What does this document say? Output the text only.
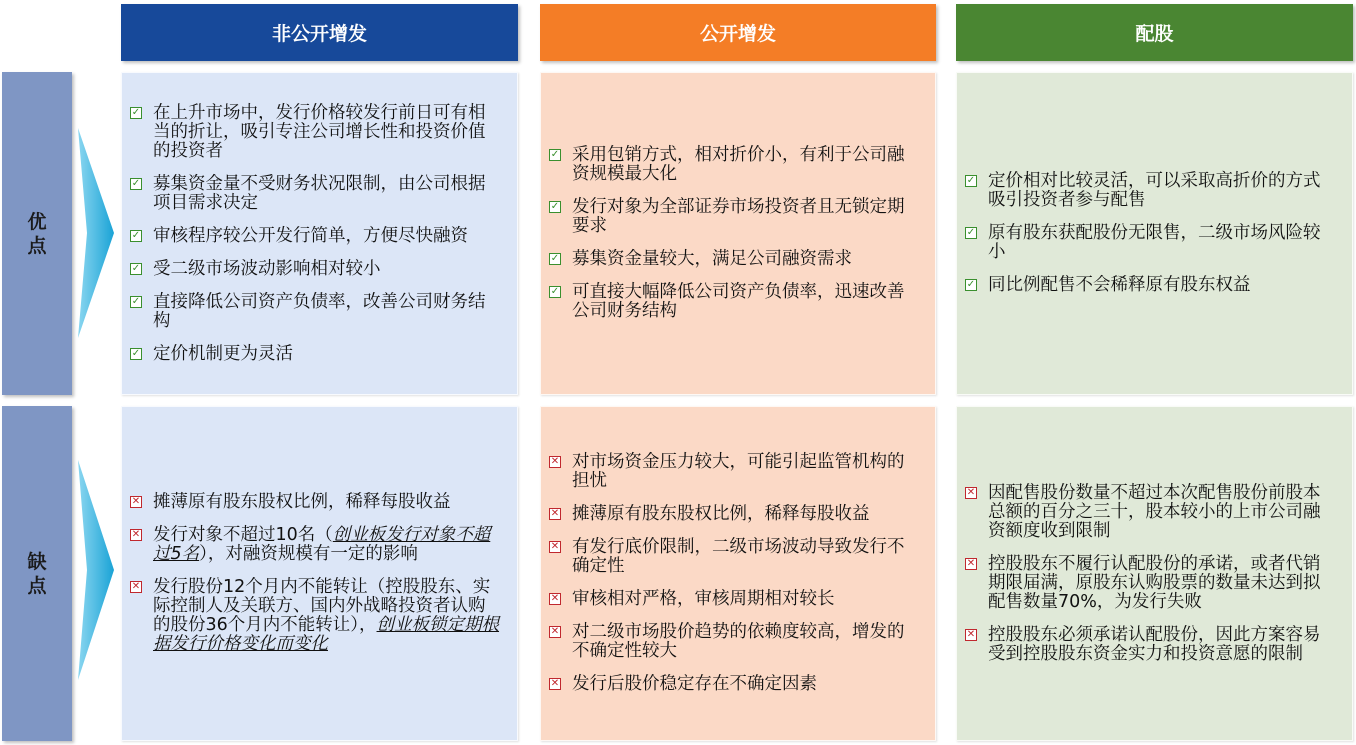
非公开增发	公开增发	配股
优点
缺点
✓ 在上升市场中，发行价格较发行前日可有相当的折让，吸引专注公司增长性和投资价值的投资者
✓ 募集资金量不受财务状况限制，由公司根据项目需求决定
✓ 审核程序较公开发行简单，方便尽快融资
✓ 受二级市场波动影响相对较小
✓ 直接降低公司资产负债率，改善公司财务结构
✓ 定价机制更为灵活
✓ 采用包销方式，相对折价小，有利于公司融资规模最大化
✓ 发行对象为全部证券市场投资者且无锁定期要求
✓ 募集资金量较大，满足公司融资需求
✓ 可直接大幅降低公司资产负债率，迅速改善公司财务结构
✓ 定价相对比较灵活，可以采取高折价的方式吸引投资者参与配售
✓ 原有股东获配股份无限售，二级市场风险较小
✓ 同比例配售不会稀释原有股东权益
✕ 摊薄原有股东股权比例，稀释每股收益
✕ 发行对象不超过10名（创业板发行对象不超过5名），对融资规模有一定的影响
✕ 发行股份12个月内不能转让（控股股东、实际控制人及关联方、国内外战略投资者认购的股份36个月内不能转让），创业板锁定期根据发行价格变化而变化
✕ 对市场资金压力较大，可能引起监管机构的担忧
✕ 摊薄原有股东股权比例，稀释每股收益
✕ 有发行底价限制，二级市场波动导致发行不确定性
✕ 审核相对严格，审核周期相对较长
✕ 对二级市场股价趋势的依赖度较高，增发的不确定性较大
✕ 发行后股价稳定存在不确定因素
✕ 因配售股份数量不超过本次配售股份前股本总额的百分之三十，股本较小的上市公司融资额度收到限制
✕ 控股股东不履行认配股份的承诺，或者代销期限届满，原股东认购股票的数量未达到拟配售数量70%，为发行失败
✕ 控股股东必须承诺认配股份，因此方案容易受到控股股东资金实力和投资意愿的限制
